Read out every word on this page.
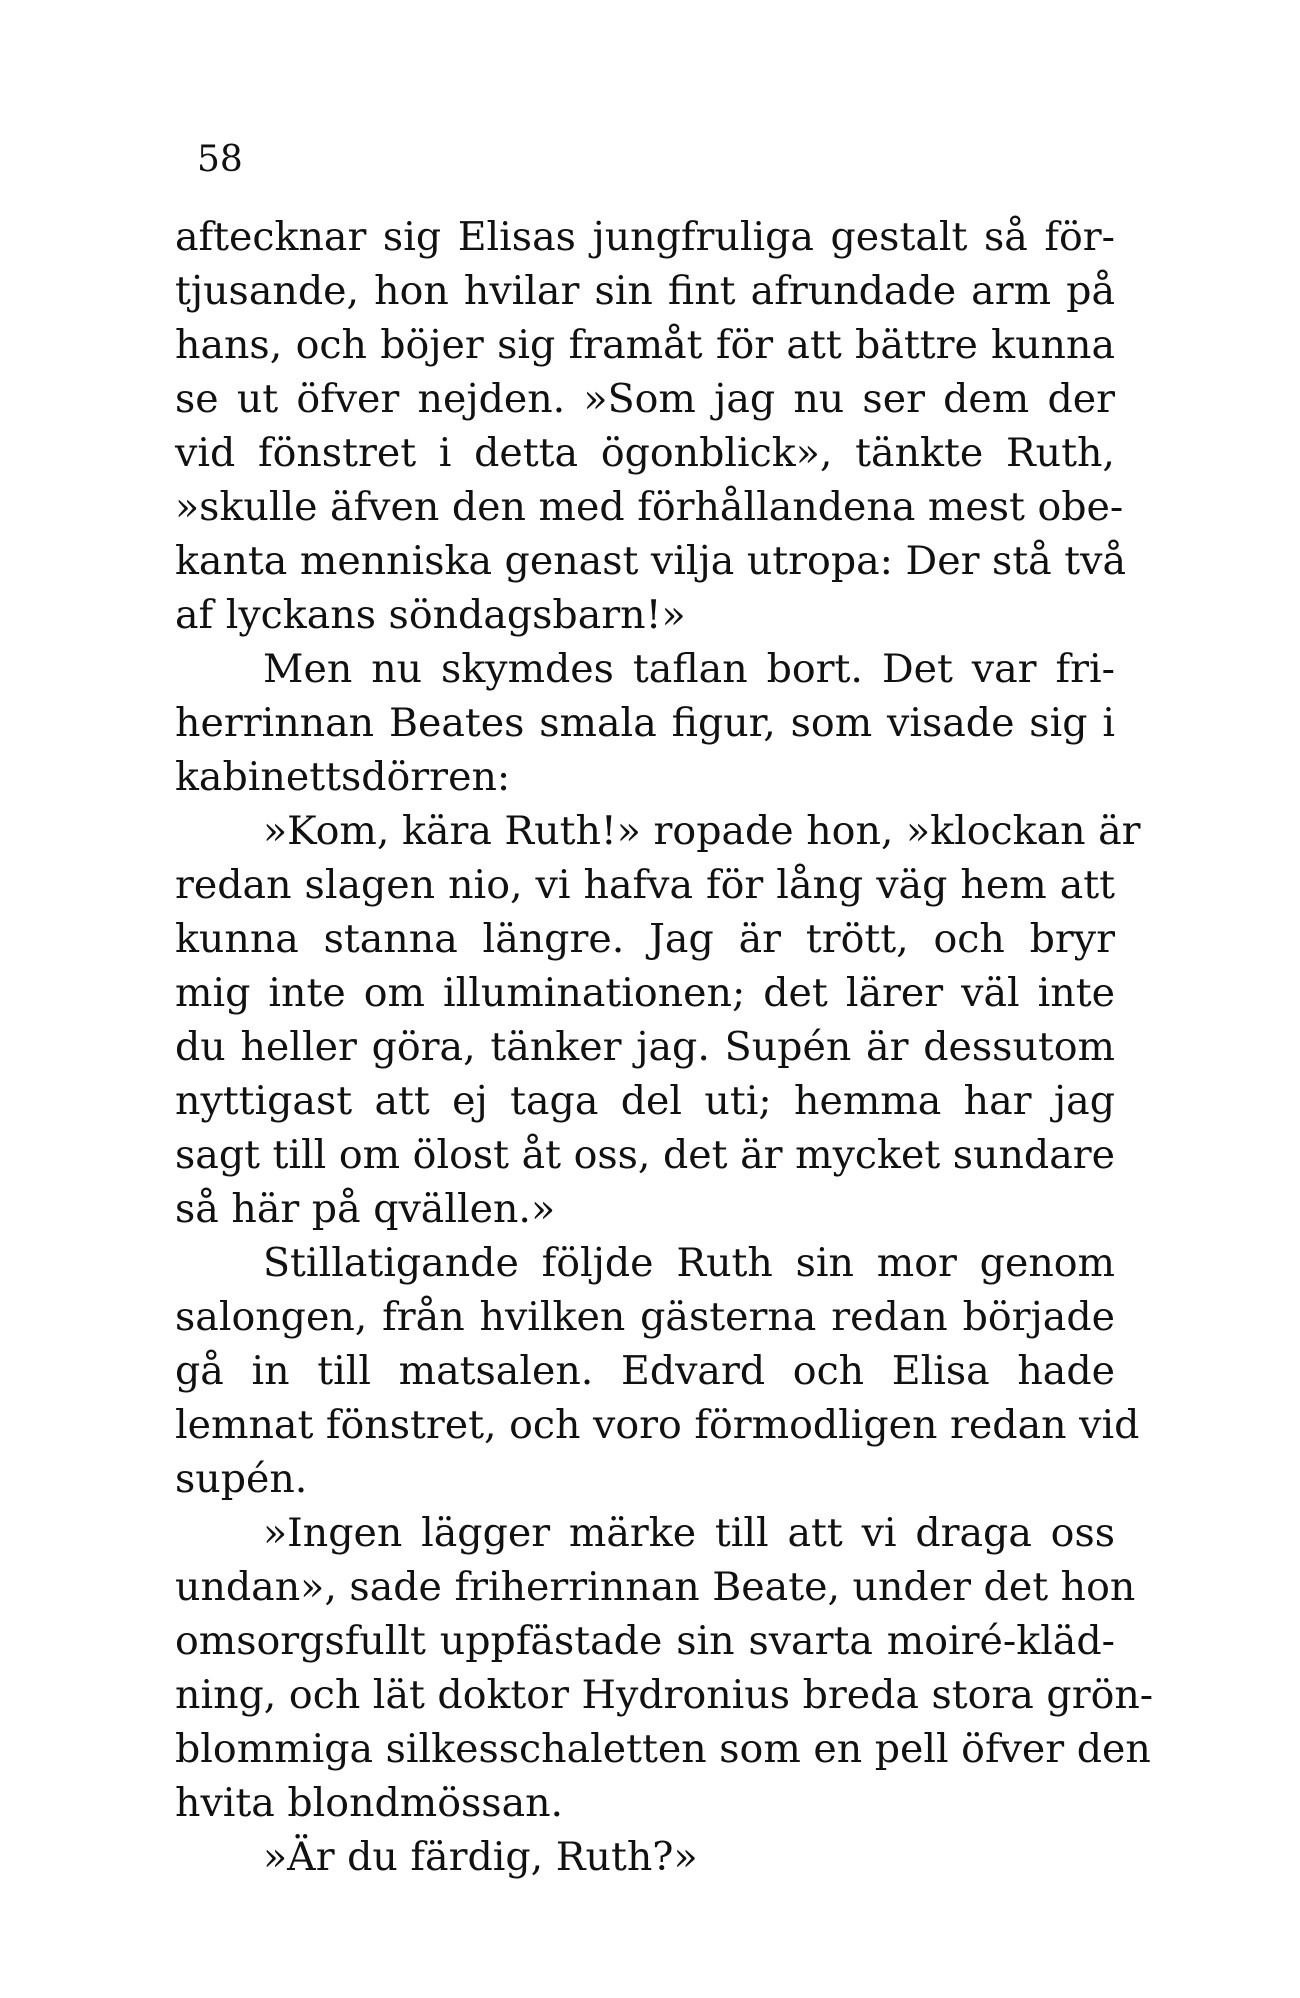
58
aftecknar sig Elisas jungfruliga gestalt så för-
tjusande, hon hvilar sin fint afrundade arm på
hans, och böjer sig framåt för att bättre kunna
se ut öfver nejden. »Som jag nu ser dem der
vid fönstret i detta ögonblick», tänkte Ruth,
»skulle äfven den med förhållandena mest obe-
kanta menniska genast vilja utropa: Der stå två
af lyckans söndagsbarn!»
Men nu skymdes taflan bort. Det var fri-
herrinnan Beates smala figur, som visade sig i
kabinettsdörren:
»Kom, kära Ruth!» ropade hon, »klockan är
redan slagen nio, vi hafva för lång väg hem att
kunna stanna längre. Jag är trött, och bryr
mig inte om illuminationen; det lärer väl inte
du heller göra, tänker jag. Supén är dessutom
nyttigast att ej taga del uti; hemma har jag
sagt till om ölost åt oss, det är mycket sundare
så här på qvällen.»
Stillatigande följde Ruth sin mor genom
salongen, från hvilken gästerna redan började
gå in till matsalen. Edvard och Elisa hade
lemnat fönstret, och voro förmodligen redan vid
supén.
»Ingen lägger märke till att vi draga oss
undan», sade friherrinnan Beate, under det hon
omsorgsfullt uppfästade sin svarta moiré-kläd-
ning, och lät doktor Hydronius breda stora grön-
blommiga silkesschaletten som en pell öfver den
hvita blondmössan.
»Är du färdig, Ruth?»
